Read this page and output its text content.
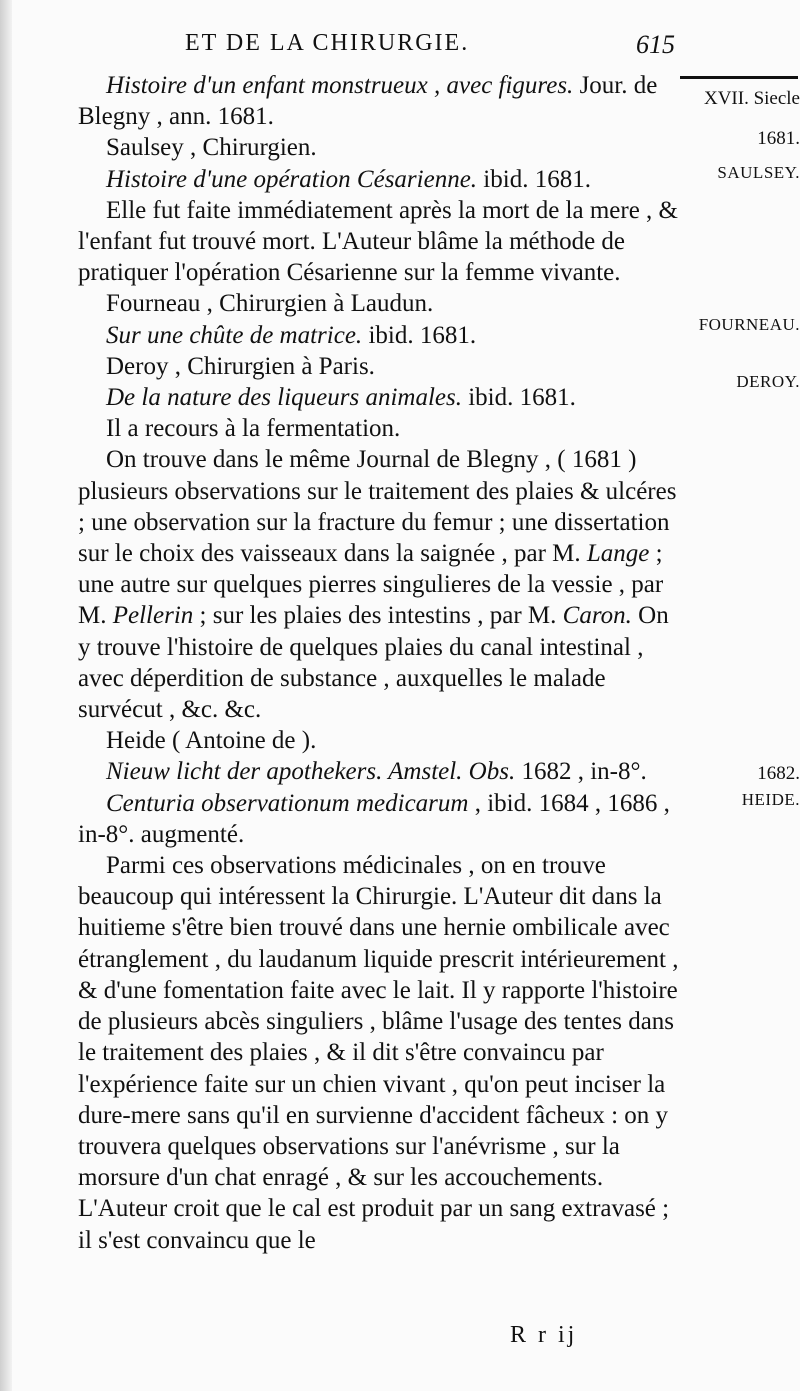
ET DE LA CHIRURGIE.	615
XVII. Siecle
1681.
SAULSEY.
FOURNEAU.
DEROY.
1682.
HEIDE.

Histoire d'un enfant monstrueux , avec figures. Jour. de Blegny , ann. 1681.

Saulsey , Chirurgien.

Histoire d'une opération Césarienne. ibid. 1681.

Elle fut faite immédiatement après la mort de la mere , & l'enfant fut trouvé mort. L'Auteur blâme la méthode de pratiquer l'opération Césarienne sur la femme vivante.

Fourneau , Chirurgien à Laudun.

Sur une chûte de matrice. ibid. 1681.

Deroy , Chirurgien à Paris.

De la nature des liqueurs animales. ibid. 1681.

Il a recours à la fermentation.

On trouve dans le même Journal de Blegny , ( 1681 ) plusieurs observations sur le traitement des plaies & ulcéres ; une observation sur la fracture du femur ; une dissertation sur le choix des vaisseaux dans la saignée , par M. Lange ; une autre sur quelques pierres singulieres de la vessie , par M. Pellerin ; sur les plaies des intestins , par M. Caron. On y trouve l'histoire de quelques plaies du canal intestinal , avec déperdition de substance , auxquelles le malade survécut , &c. &c.

Heide ( Antoine de ).

Nieuw licht der apothekers. Amstel. Obs. 1682 , in-8°.

Centuria observationum medicarum , ibid. 1684 , 1686 , in-8°. augmenté.

Parmi ces observations médicinales , on en trouve beaucoup qui intéressent la Chirurgie. L'Auteur dit dans la huitieme s'être bien trouvé dans une hernie ombilicale avec étranglement , du laudanum liquide prescrit intérieurement , & d'une fomentation faite avec le lait. Il y rapporte l'histoire de plusieurs abcès singuliers , blâme l'usage des tentes dans le traitement des plaies , & il dit s'être convaincu par l'expérience faite sur un chien vivant , qu'on peut inciser la dure-mere sans qu'il en survienne d'accident fâcheux : on y trouvera quelques observations sur l'anévrisme , sur la morsure d'un chat enragé , & sur les accouchements. L'Auteur croit que le cal est produit par un sang extravasé ; il s'est convaincu que le

R r ij
